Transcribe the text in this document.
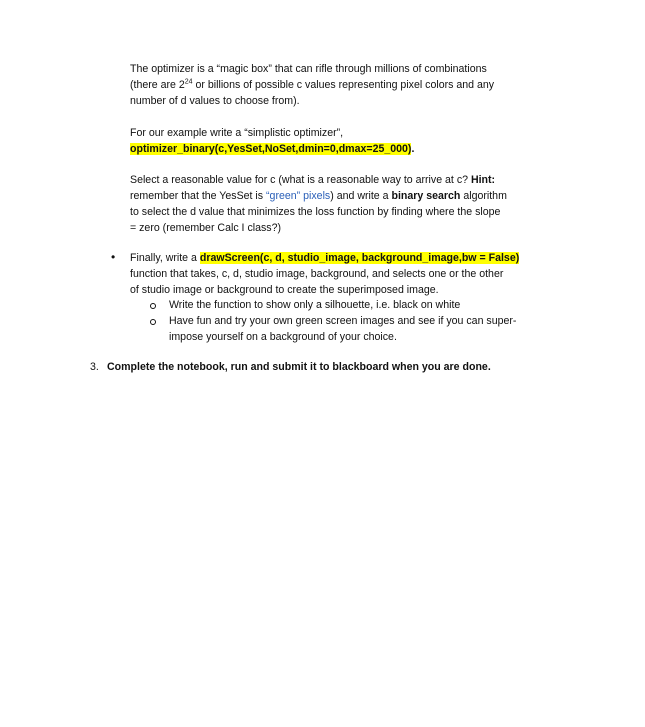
The optimizer is a “magic box” that can rifle through millions of combinations
(there are $2^{24}$ or billions of possible c values representing pixel colors and any
number of d values to choose from).
For our example write a “simplistic optimizer”,
optimizer_binary(c,YesSet,NoSet,dmin=0,dmax=25_000).
Select a reasonable value for c (what is a reasonable way to arrive at c? Hint:
remember that the YesSet is “green” pixels) and write a binary search algorithm
to select the d value that minimizes the loss function by finding where the slope
= zero (remember Calc I class?)
• Finally, write a drawScreen(c, d, studio_image, background_image,bw = False)
function that takes, c, d, studio image, background, and selects one or the other
of studio image or background to create the superimposed image.
Write the function to show only a silhouette, i.e. black on white
Have fun and try your own green screen images and see if you can super-
impose yourself on a background of your choice.
3. Complete the notebook, run and submit it to blackboard when you are done.
